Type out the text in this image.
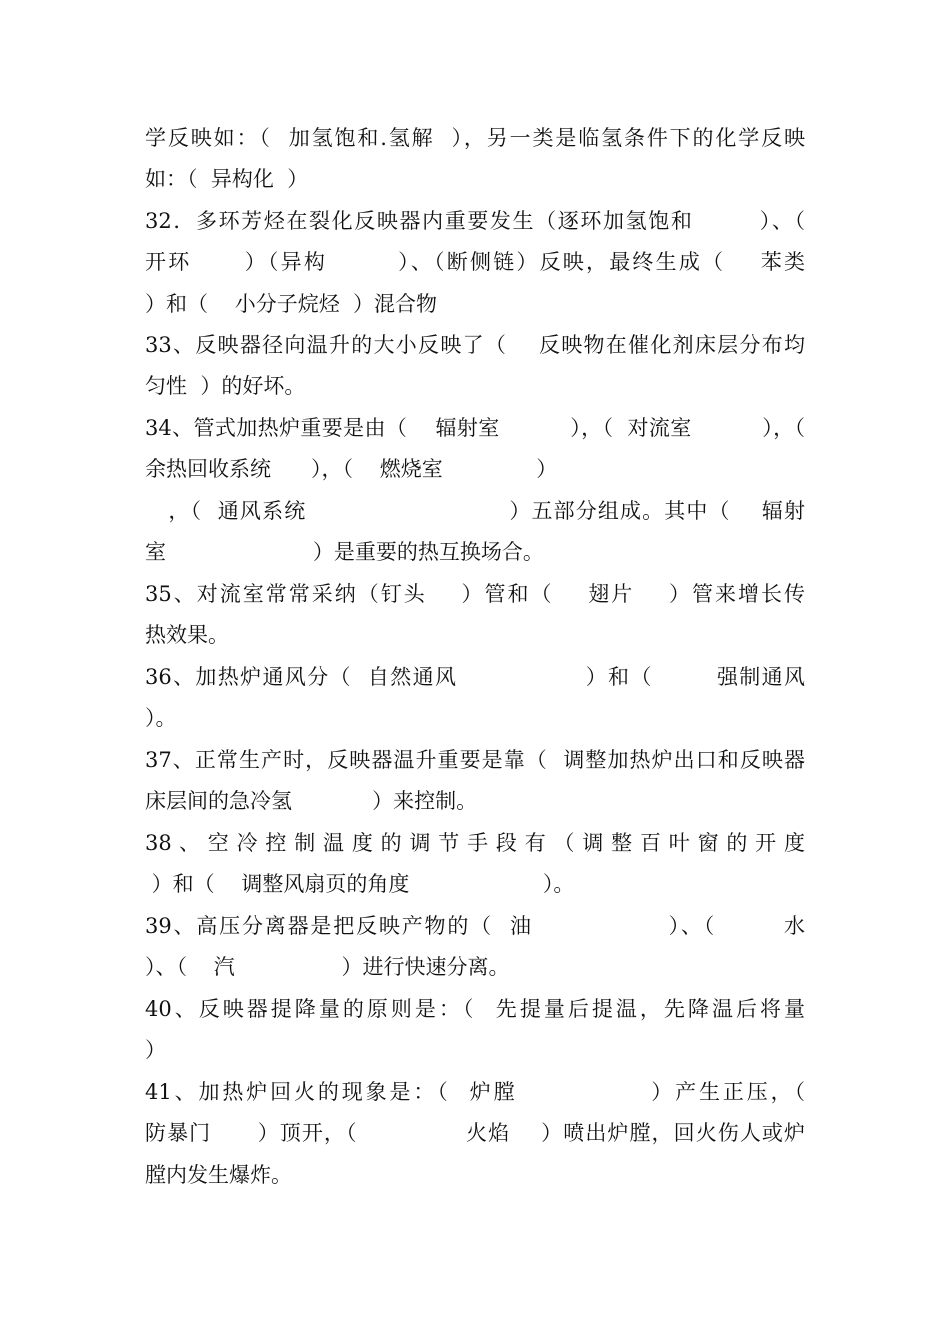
学反映如：（  加氢饱和.氢解  ），另一类是临氢条件下的化学反映
如：（  异构化  ）
32．多环芳烃在裂化反映器内重要发生（逐环加氢饱和        ）、（
开环      ）（异构        ）、（断侧链）反映，最终生成（    苯类
）和（    小分子烷烃  ）混合物
33、反映器径向温升的大小反映了（    反映物在催化剂床层分布均
匀性  ）的好坏。
34、管式加热炉重要是由（    辐射室          ），（  对流室          ），（
余热回收系统      ），（    燃烧室              ）
，（  通风系统                          ）五部分组成。其中（    辐射
室                      ）是重要的热互换场合。
35、对流室常常采纳（钉头    ）管和（    翅片    ）管来增长传
热效果。
36、加热炉通风分（  自然通风                ）和（        强制通风
）。
37、正常生产时，反映器温升重要是靠（  调整加热炉出口和反映器
床层间的急冷氢            ）来控制。
38 、 空 冷 控 制 温 度 的 调 节 手 段 有 （ 调 整 百 叶 窗 的 开 度
）和（    调整风扇页的角度                    ）。
39、高压分离器是把反映产物的（  油                ）、（        水
）、（    汽                ）进行快速分离。
40、反映器提降量的原则是：（  先提量后提温，先降温后将量
）
41、加热炉回火的现象是：（  炉膛              ）产生正压，（
防暴门      ）顶开，（              火焰    ）喷出炉膛，回火伤人或炉
膛内发生爆炸。
